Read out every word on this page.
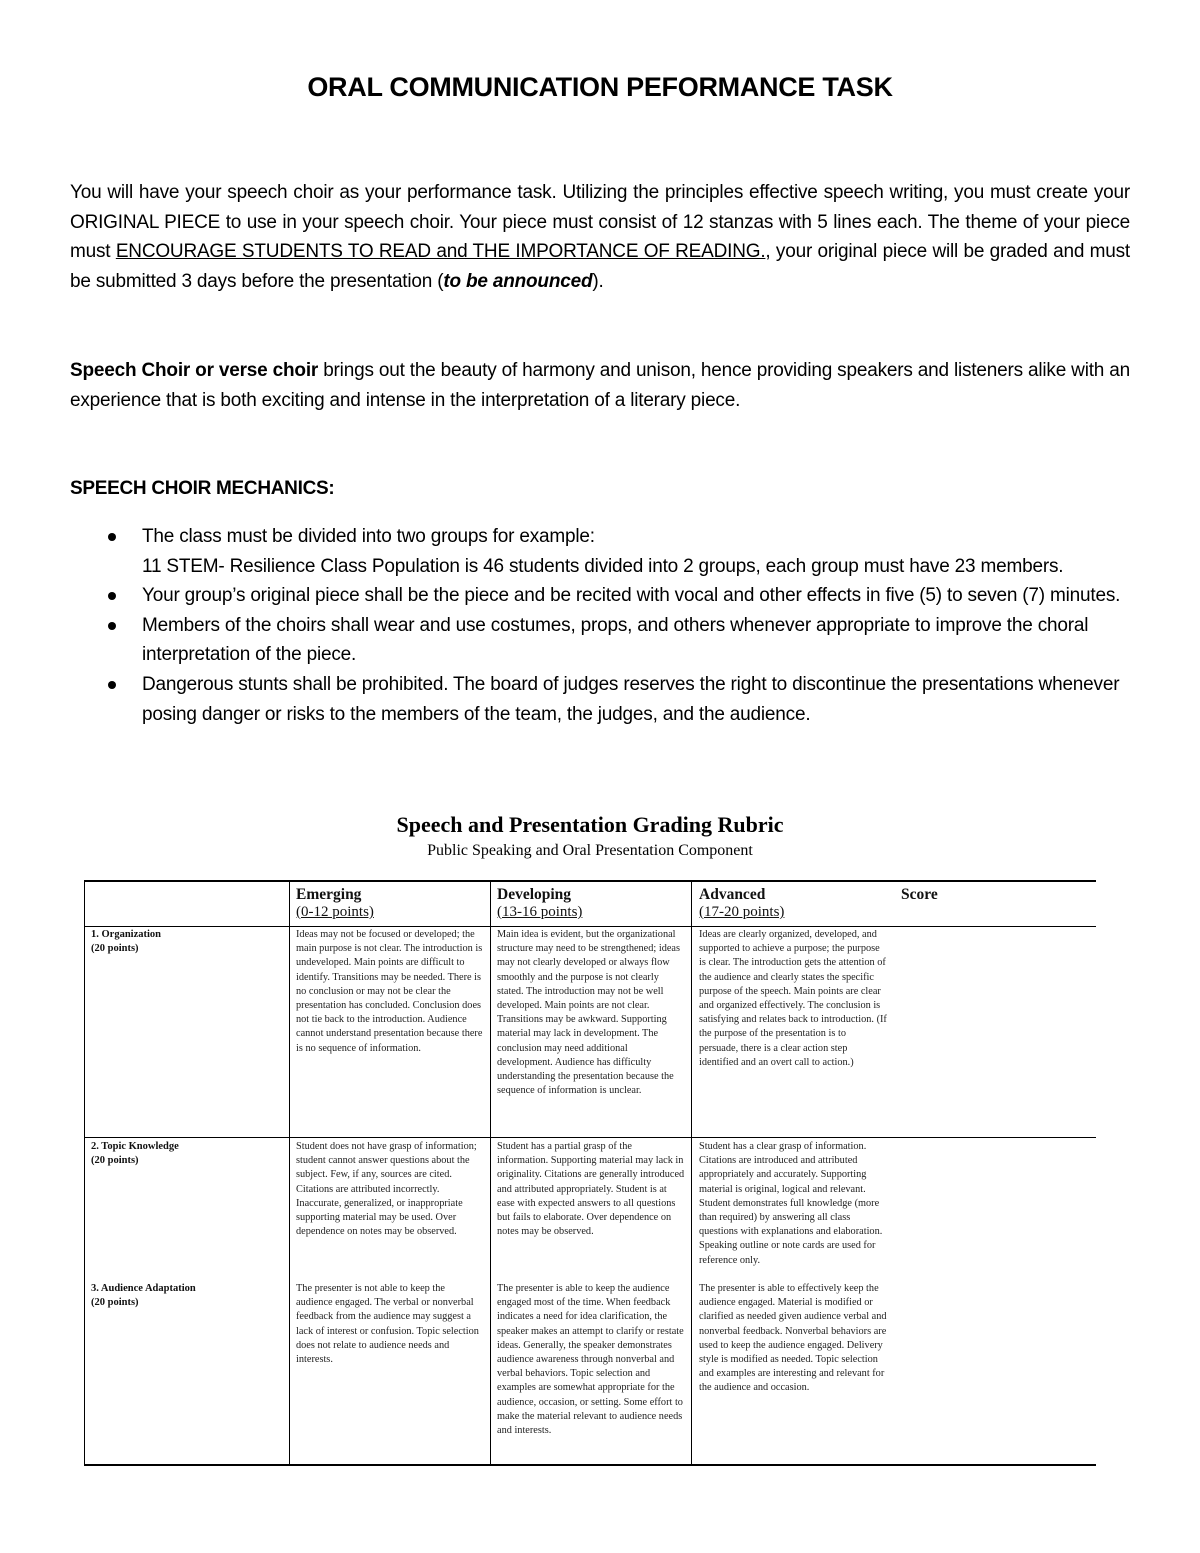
ORAL COMMUNICATION PEFORMANCE TASK
You will have your speech choir as your performance task. Utilizing the principles effective speech writing, you must create your ORIGINAL PIECE to use in your speech choir. Your piece must consist of 12 stanzas with 5 lines each. The theme of your piece must ENCOURAGE STUDENTS TO READ and THE IMPORTANCE OF READING., your original piece will be graded and must be submitted 3 days before the presentation (to be announced).
Speech Choir or verse choir brings out the beauty of harmony and unison, hence providing speakers and listeners alike with an experience that is both exciting and intense in the interpretation of a literary piece.
SPEECH CHOIR MECHANICS:
The class must be divided into two groups for example:
11 STEM- Resilience Class Population is 46 students divided into 2 groups, each group must have 23 members.
Your group’s original piece shall be the piece and be recited with vocal and other effects in five (5) to seven (7) minutes.
Members of the choirs shall wear and use costumes, props, and others whenever appropriate to improve the choral interpretation of the piece.
Dangerous stunts shall be prohibited. The board of judges reserves the right to discontinue the presentations whenever posing danger or risks to the members of the team, the judges, and the audience.
Speech and Presentation Grading Rubric
Public Speaking and Oral Presentation Component
Emerging
(0-12 points)
Developing
(13-16 points)
Advanced
(17-20 points)
Score
1. Organization
(20 points)
Ideas may not be focused or developed; the main purpose is not clear. The introduction is undeveloped. Main points are difficult to identify. Transitions may be needed. There is no conclusion or may not be clear the presentation has concluded. Conclusion does not tie back to the introduction. Audience cannot understand presentation because there is no sequence of information.
Main idea is evident, but the organizational structure may need to be strengthened; ideas may not clearly developed or always flow smoothly and the purpose is not clearly stated. The introduction may not be well developed. Main points are not clear. Transitions may be awkward. Supporting material may lack in development. The conclusion may need additional development. Audience has difficulty understanding the presentation because the sequence of information is unclear.
Ideas are clearly organized, developed, and supported to achieve a purpose; the purpose is clear. The introduction gets the attention of the audience and clearly states the specific purpose of the speech. Main points are clear and organized effectively. The conclusion is satisfying and relates back to introduction. (If the purpose of the presentation is to persuade, there is a clear action step identified and an overt call to action.)
2. Topic Knowledge
(20 points)
Student does not have grasp of information; student cannot answer questions about the subject. Few, if any, sources are cited. Citations are attributed incorrectly. Inaccurate, generalized, or inappropriate supporting material may be used. Over dependence on notes may be observed.
Student has a partial grasp of the information. Supporting material may lack in originality. Citations are generally introduced and attributed appropriately. Student is at ease with expected answers to all questions but fails to elaborate. Over dependence on notes may be observed.
Student has a clear grasp of information. Citations are introduced and attributed appropriately and accurately. Supporting material is original, logical and relevant. Student demonstrates full knowledge (more than required) by answering all class questions with explanations and elaboration. Speaking outline or note cards are used for reference only.
3. Audience Adaptation
(20 points)
The presenter is not able to keep the audience engaged. The verbal or nonverbal feedback from the audience may suggest a lack of interest or confusion. Topic selection does not relate to audience needs and interests.
The presenter is able to keep the audience engaged most of the time. When feedback indicates a need for idea clarification, the speaker makes an attempt to clarify or restate ideas. Generally, the speaker demonstrates audience awareness through nonverbal and verbal behaviors. Topic selection and examples are somewhat appropriate for the audience, occasion, or setting. Some effort to make the material relevant to audience needs and interests.
The presenter is able to effectively keep the audience engaged. Material is modified or clarified as needed given audience verbal and nonverbal feedback. Nonverbal behaviors are used to keep the audience engaged. Delivery style is modified as needed. Topic selection and examples are interesting and relevant for the audience and occasion.
